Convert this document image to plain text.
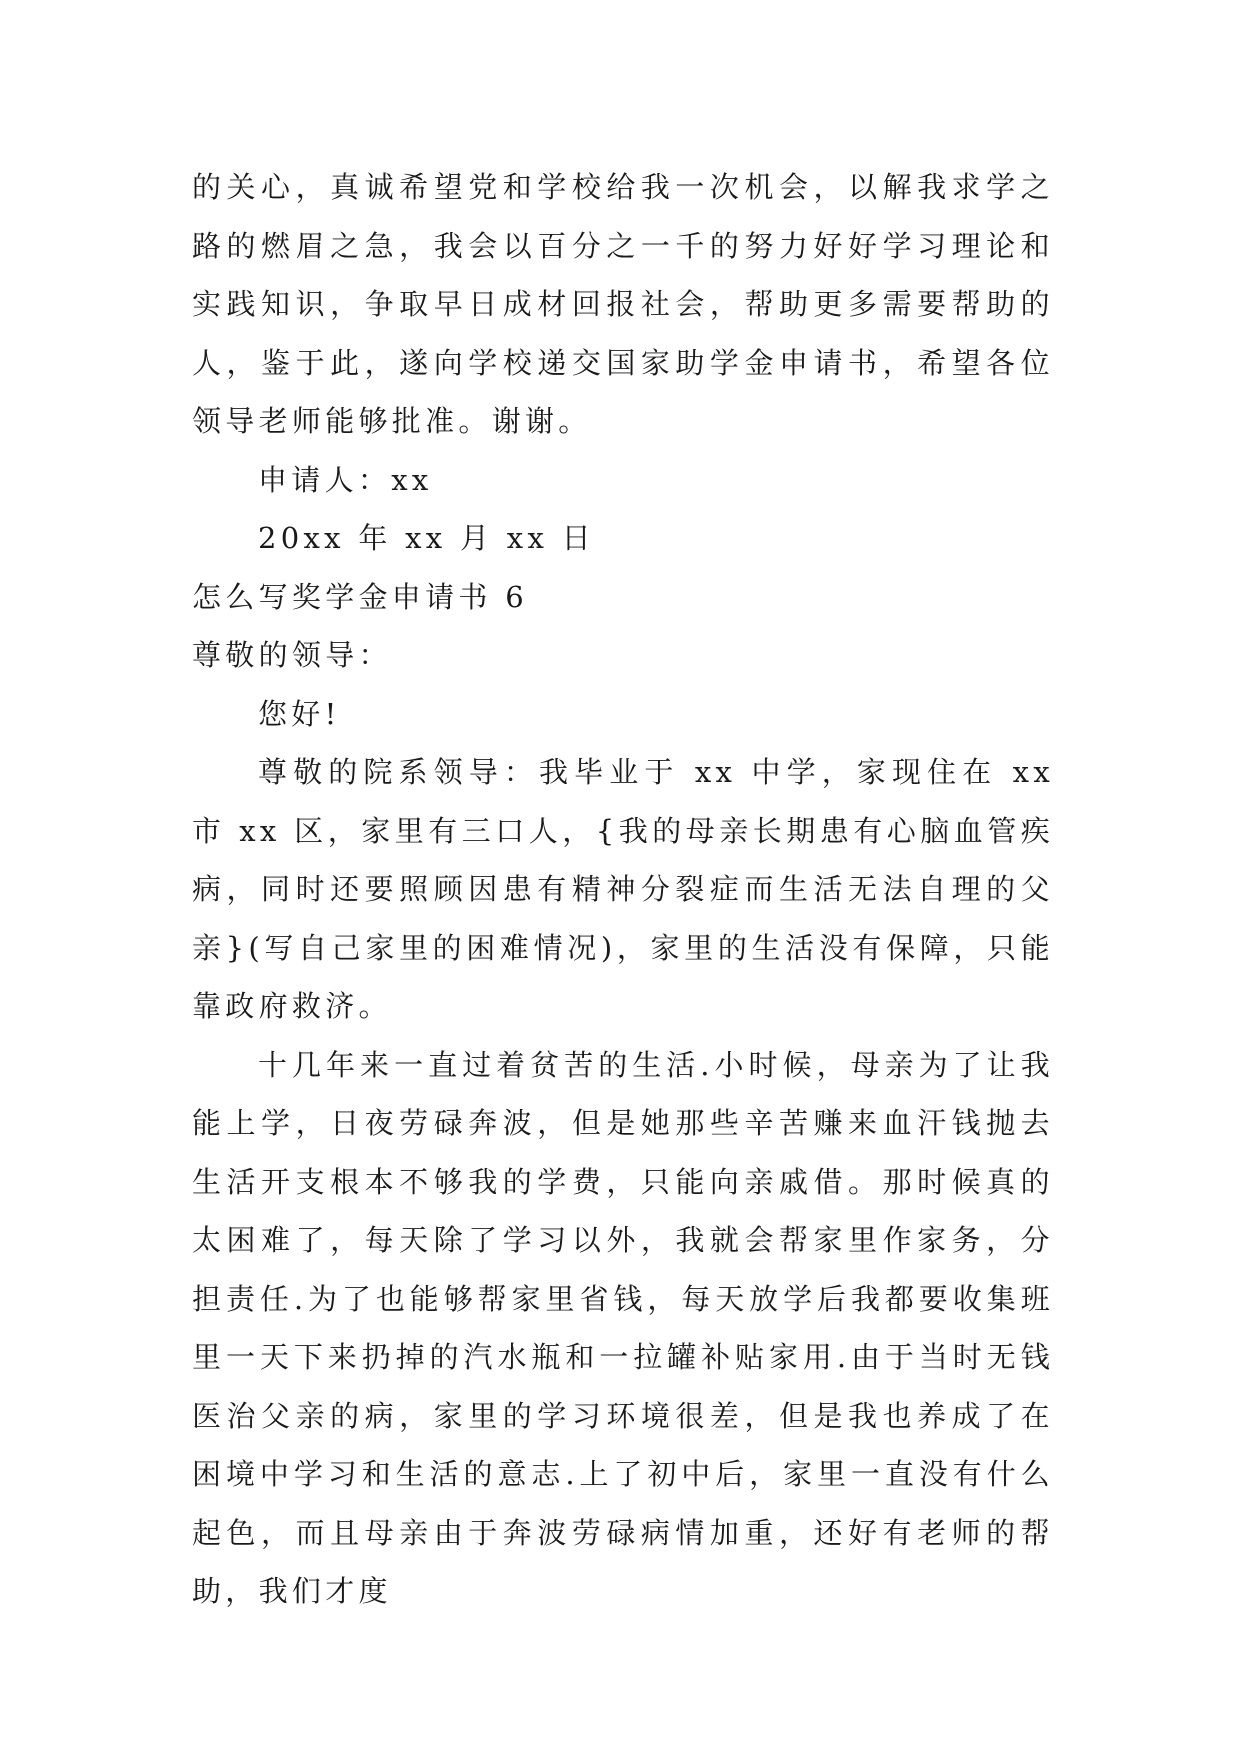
的关心，真诚希望党和学校给我一次机会，以解我求学之路的燃眉之急，我会以百分之一千的努力好好学习理论和实践知识，争取早日成材回报社会，帮助更多需要帮助的人，鉴于此，遂向学校递交国家助学金申请书，希望各位领导老师能够批准。谢谢。

申请人：xx

20xx 年 xx 月 xx 日

怎么写奖学金申请书 6

尊敬的领导：

您好!

尊敬的院系领导：我毕业于 xx 中学，家现住在 xx 市 xx 区，家里有三口人，{我的母亲长期患有心脑血管疾病，同时还要照顾因患有精神分裂症而生活无法自理的父亲}(写自己家里的困难情况)，家里的生活没有保障，只能靠政府救济。

十几年来一直过着贫苦的生活.小时候，母亲为了让我能上学，日夜劳碌奔波，但是她那些辛苦赚来血汗钱抛去生活开支根本不够我的学费，只能向亲戚借。那时候真的太困难了，每天除了学习以外，我就会帮家里作家务，分担责任.为了也能够帮家里省钱，每天放学后我都要收集班里一天下来扔掉的汽水瓶和一拉罐补贴家用.由于当时无钱医治父亲的病，家里的学习环境很差，但是我也养成了在困境中学习和生活的意志.上了初中后，家里一直没有什么起色，而且母亲由于奔波劳碌病情加重，还好有老师的帮助，我们才度
